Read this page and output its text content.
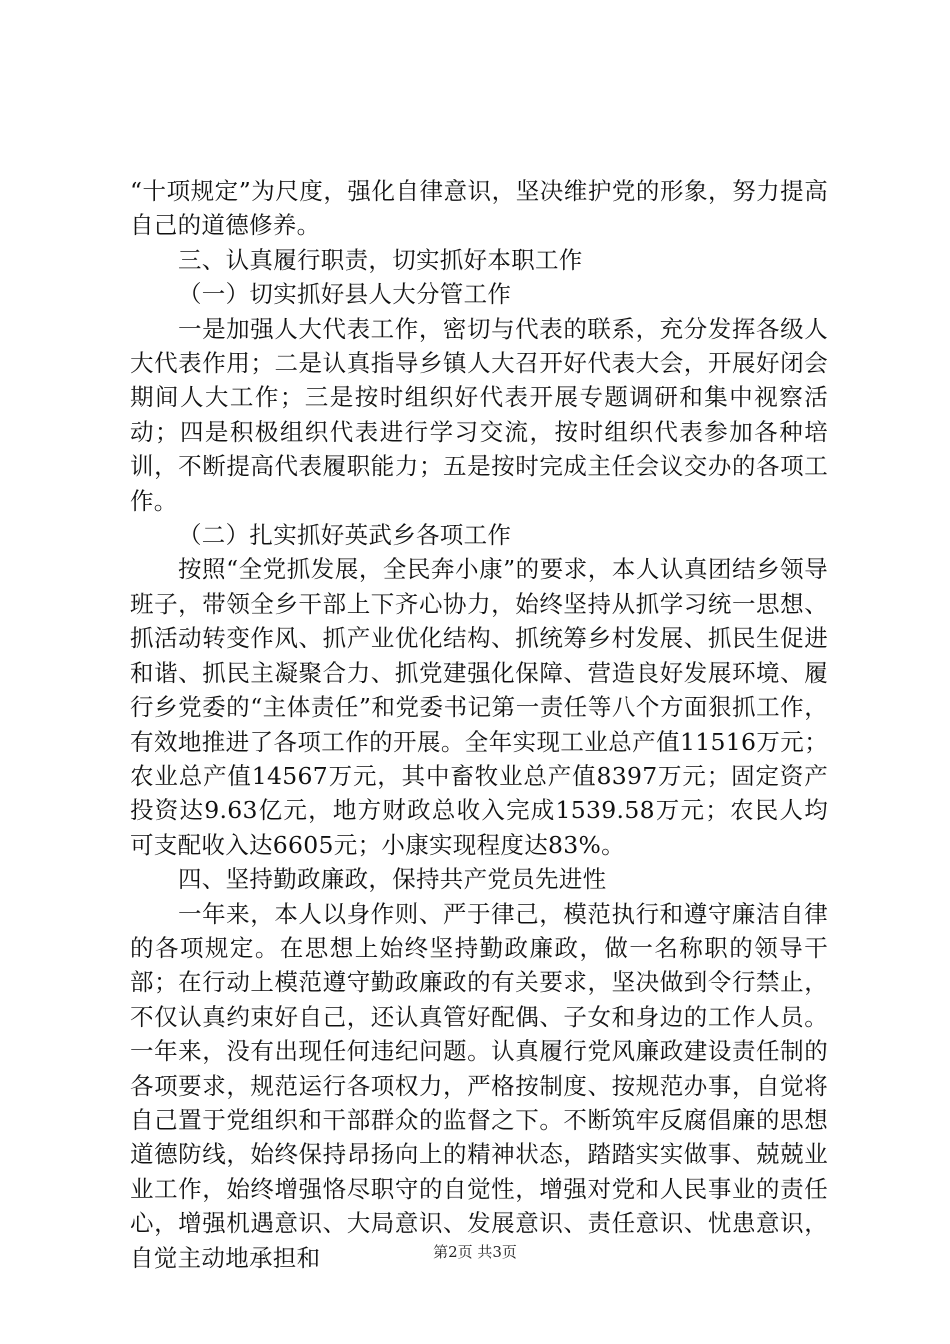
“十项规定”为尺度，强化自律意识，坚决维护党的形象，努力提高自己的道德修养。

三、认真履行职责，切实抓好本职工作

（一）切实抓好县人大分管工作

一是加强人大代表工作，密切与代表的联系，充分发挥各级人大代表作用；二是认真指导乡镇人大召开好代表大会，开展好闭会期间人大工作；三是按时组织好代表开展专题调研和集中视察活动；四是积极组织代表进行学习交流，按时组织代表参加各种培训，不断提高代表履职能力；五是按时完成主任会议交办的各项工作。

（二）扎实抓好英武乡各项工作

按照“全党抓发展，全民奔小康”的要求，本人认真团结乡领导班子，带领全乡干部上下齐心协力，始终坚持从抓学习统一思想、抓活动转变作风、抓产业优化结构、抓统筹乡村发展、抓民生促进和谐、抓民主凝聚合力、抓党建强化保障、营造良好发展环境、履行乡党委的“主体责任”和党委书记第一责任等八个方面狠抓工作，有效地推进了各项工作的开展。全年实现工业总产值11516万元；农业总产值14567万元，其中畜牧业总产值8397万元；固定资产投资达9.63亿元，地方财政总收入完成1539.58万元；农民人均可支配收入达6605元；小康实现程度达83%。

四、坚持勤政廉政，保持共产党员先进性

一年来，本人以身作则、严于律己，模范执行和遵守廉洁自律的各项规定。在思想上始终坚持勤政廉政，做一名称职的领导干部；在行动上模范遵守勤政廉政的有关要求，坚决做到令行禁止，不仅认真约束好自己，还认真管好配偶、子女和身边的工作人员。一年来，没有出现任何违纪问题。认真履行党风廉政建设责任制的各项要求，规范运行各项权力，严格按制度、按规范办事，自觉将自己置于党组织和干部群众的监督之下。不断筑牢反腐倡廉的思想道德防线，始终保持昂扬向上的精神状态，踏踏实实做事、兢兢业业工作，始终增强恪尽职守的自觉性，增强对党和人民事业的责任心，增强机遇意识、大局意识、发展意识、责任意识、忧患意识，自觉主动地承担和	第2页 共3页
